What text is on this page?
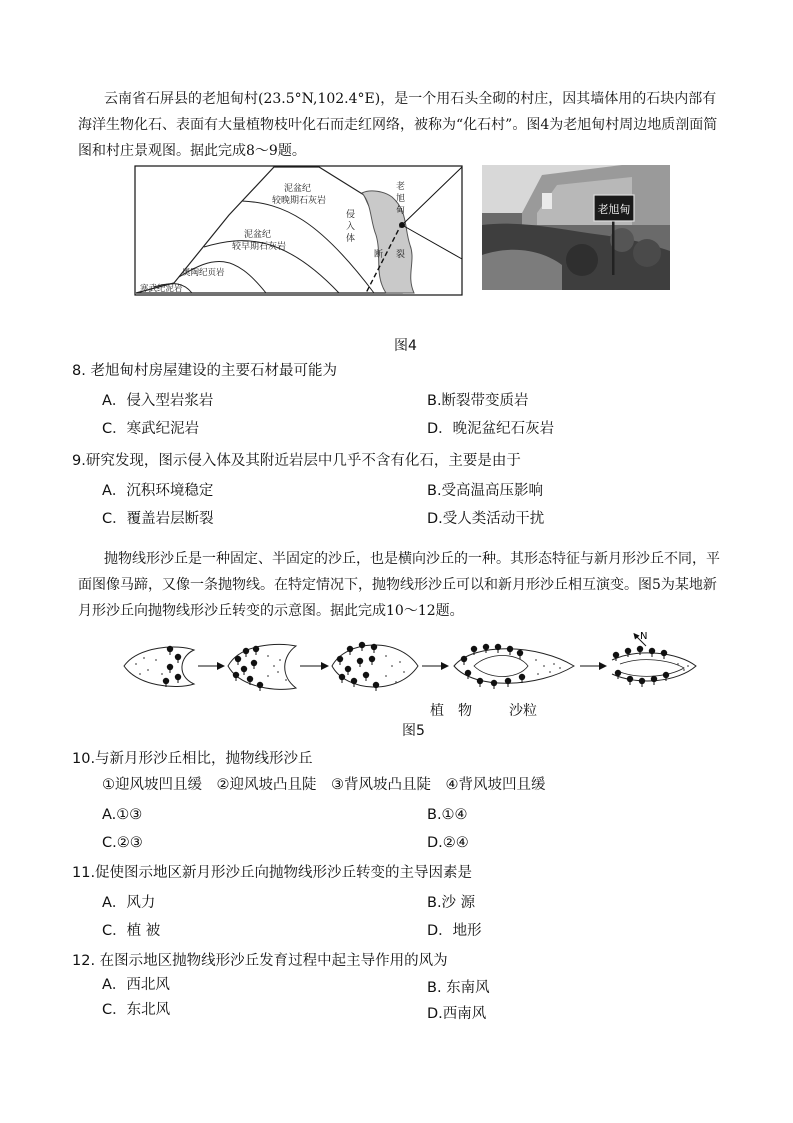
云南省石屏县的老旭甸村(23.5°N,102.4°E)，是一个用石头全砌的村庄，因其墙体用的石块内部有海洋生物化石、表面有大量植物枝叶化石而走红网络，被称为“化石村”。图4为老旭甸村周边地质剖面简图和村庄景观图。据此完成8～9题。
泥盆纪 较晚期石灰岩
泥盆纪 较早期石灰岩
奥陶纪页岩
寒武纪泥岩
侵入体
断 裂
老旭甸	老旭甸
图4
8. 老旭甸村房屋建设的主要石材最可能为
A．侵入型岩浆岩	B.断裂带变质岩
C．寒武纪泥岩	D．晚泥盆纪石灰岩
9.研究发现，图示侵入体及其附近岩层中几乎不含有化石，主要是由于
A．沉积环境稳定	B.受高温高压影响
C．覆盖岩层断裂	D.受人类活动干扰
抛物线形沙丘是一种固定、半固定的沙丘，也是横向沙丘的一种。其形态特征与新月形沙丘不同，平面图像马蹄，又像一条抛物线。在特定情况下，抛物线形沙丘可以和新月形沙丘相互演变。图5为某地新月形沙丘向抛物线形沙丘转变的示意图。据此完成10～12题。
N
植　物	沙粒
图5
10.与新月形沙丘相比，抛物线形沙丘
①迎风坡凹且缓　②迎风坡凸且陡　③背风坡凸且陡　④背风坡凹且缓
A.①③	B.①④
C.②③	D.②④
11.促使图示地区新月形沙丘向抛物线形沙丘转变的主导因素是
A．风力	B.沙 源
C．植 被	D．地形
12. 在图示地区抛物线形沙丘发育过程中起主导作用的风为
A．西北风	B. 东南风
C．东北风	D.西南风
